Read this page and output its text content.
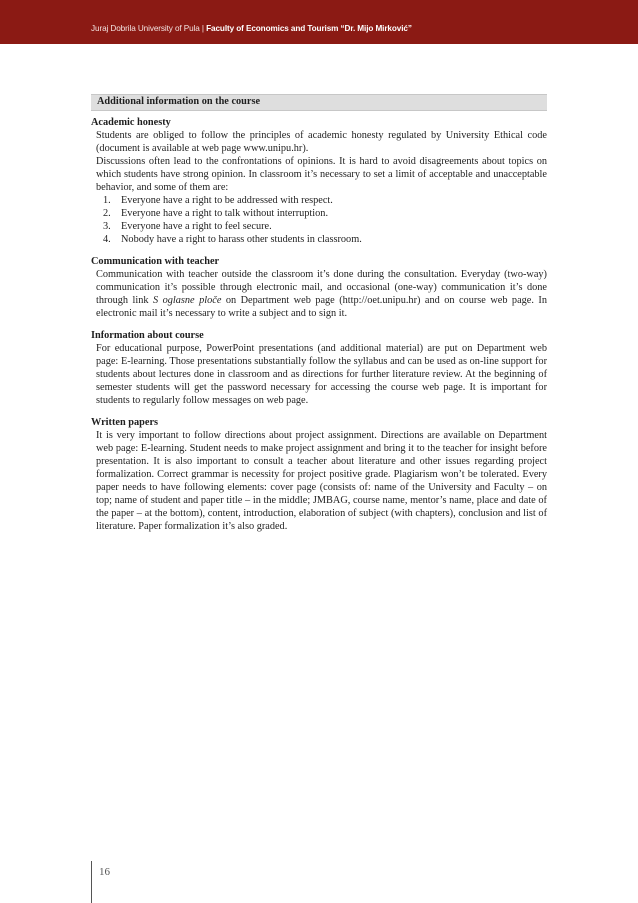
Juraj Dobrila University of Pula | Faculty of Economics and Tourism “Dr. Mijo Mirković”
Additional information on the course
Academic honesty
Students are obliged to follow the principles of academic honesty regulated by University Ethical code (document is available at web page www.unipu.hr).
Discussions often lead to the confrontations of opinions. It is hard to avoid disagreements about topics on which students have strong opinion. In classroom it’s necessary to set a limit of acceptable and unacceptable behavior, and some of them are:
1. Everyone have a right to be addressed with respect.
2. Everyone have a right to talk without interruption.
3. Everyone have a right to feel secure.
4. Nobody have a right to harass other students in classroom.
Communication with teacher
Communication with teacher outside the classroom it’s done during the consultation. Everyday (two-way) communication it’s possible through electronic mail, and occasional (one-way) communication it’s done through link S oglasne ploče on Department web page (http://oet.unipu.hr) and on course web page. In electronic mail it’s necessary to write a subject and to sign it.
Information about course
For educational purpose, PowerPoint presentations (and additional material) are put on Department web page: E-learning. Those presentations substantially follow the syllabus and can be used as on-line support for students about lectures done in classroom and as directions for further literature review. At the beginning of semester students will get the password necessary for accessing the course web page. It is important for students to regularly follow messages on web page.
Written papers
It is very important to follow directions about project assignment. Directions are available on Department web page: E-learning. Student needs to make project assignment and bring it to the teacher for insight before presentation. It is also important to consult a teacher about literature and other issues regarding project formalization. Correct grammar is necessity for project positive grade. Plagiarism won’t be tolerated. Every paper needs to have following elements: cover page (consists of: name of the University and Faculty – on top; name of student and paper title – in the middle; JMBAG, course name, mentor’s name, place and date of the paper – at the bottom), content, introduction, elaboration of subject (with chapters), conclusion and list of literature. Paper formalization it’s also graded.
16
